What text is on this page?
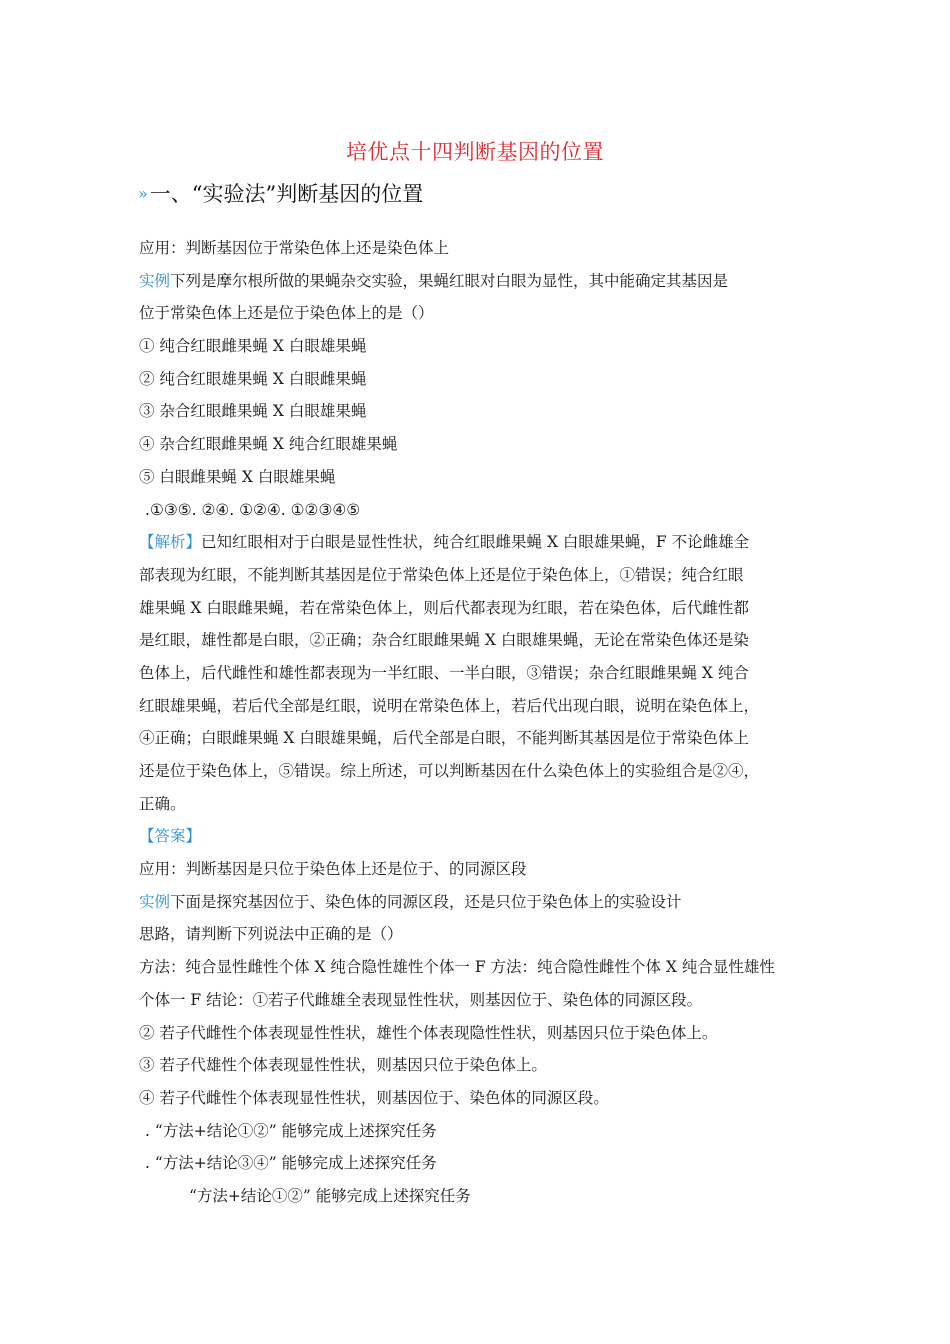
培优点十四判断基因的位置
»一、“实验法”判断基因的位置
应用：判断基因位于常染色体上还是染色体上
实例下列是摩尔根所做的果蝇杂交实验，果蝇红眼对白眼为显性，其中能确定其基因是
位于常染色体上还是位于染色体上的是（）
① 纯合红眼雌果蝇 X 白眼雄果蝇
② 纯合红眼雄果蝇 X 白眼雌果蝇
③ 杂合红眼雌果蝇 X 白眼雄果蝇
④ 杂合红眼雌果蝇 X 纯合红眼雄果蝇
⑤ 白眼雌果蝇 X 白眼雄果蝇
.①③⑤. ②④. ①②④. ①②③④⑤
【解析】已知红眼相对于白眼是显性性状，纯合红眼雌果蝇 X 白眼雄果蝇，F 不论雌雄全
部表现为红眼，不能判断其基因是位于常染色体上还是位于染色体上，①错误；纯合红眼
雄果蝇 X 白眼雌果蝇，若在常染色体上，则后代都表现为红眼，若在染色体，后代雌性都
是红眼，雄性都是白眼，②正确；杂合红眼雌果蝇 X 白眼雄果蝇，无论在常染色体还是染
色体上，后代雌性和雄性都表现为一半红眼、一半白眼，③错误；杂合红眼雌果蝇 X 纯合
红眼雄果蝇，若后代全部是红眼，说明在常染色体上，若后代出现白眼，说明在染色体上，
④正确；白眼雌果蝇 X 白眼雄果蝇，后代全部是白眼，不能判断其基因是位于常染色体上
还是位于染色体上，⑤错误。综上所述，可以判断基因在什么染色体上的实验组合是②④，
正确。
【答案】
应用：判断基因是只位于染色体上还是位于、的同源区段
实例下面是探究基因位于、染色体的同源区段，还是只位于染色体上的实验设计
思路，请判断下列说法中正确的是（）
方法：纯合显性雌性个体 X 纯合隐性雄性个体一 F 方法：纯合隐性雌性个体 X 纯合显性雄性
个体一 F 结论：①若子代雌雄全表现显性性状，则基因位于、染色体的同源区段。
② 若子代雌性个体表现显性性状，雄性个体表现隐性性状，则基因只位于染色体上。
③ 若子代雄性个体表现显性性状，则基因只位于染色体上。
④ 若子代雌性个体表现显性性状，则基因位于、染色体的同源区段。
. “方法+结论①②” 能够完成上述探究任务
. “方法+结论③④” 能够完成上述探究任务
“方法+结论①②” 能够完成上述探究任务
